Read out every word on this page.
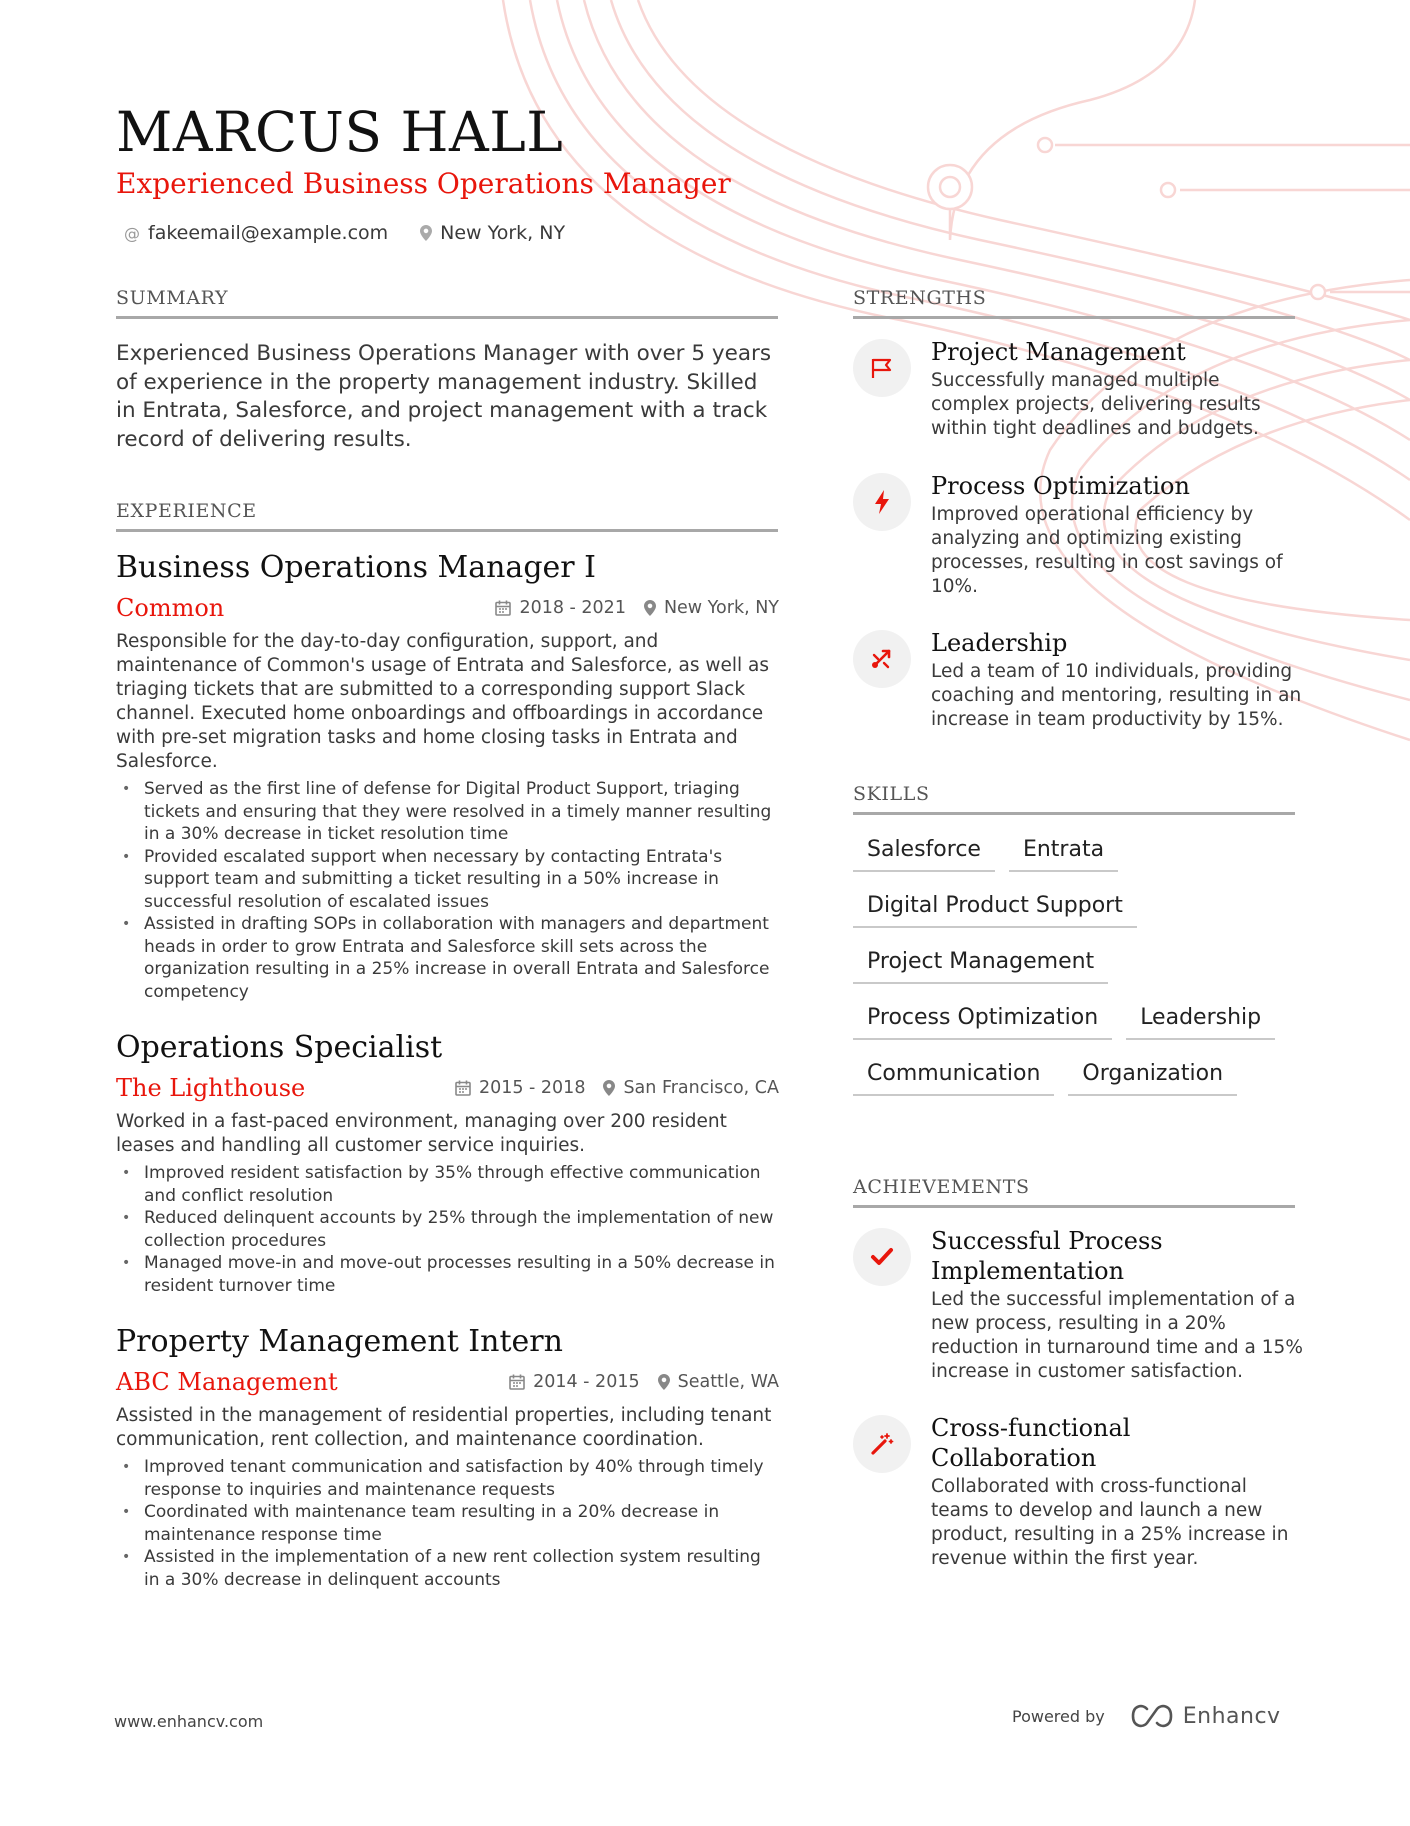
MARCUS HALL
Experienced Business Operations Manager
@ fakeemail@example.com	New York, NY
SUMMARY
Experienced Business Operations Manager with over 5 years of experience in the property management industry. Skilled in Entrata, Salesforce, and project management with a track record of delivering results.
EXPERIENCE
Business Operations Manager I
Common	2018 - 2021 New York, NY
Responsible for the day-to-day configuration, support, and maintenance of Common's usage of Entrata and Salesforce, as well as triaging tickets that are submitted to a corresponding support Slack channel. Executed home onboardings and offboardings in accordance with pre-set migration tasks and home closing tasks in Entrata and Salesforce.
• Served as the first line of defense for Digital Product Support, triaging tickets and ensuring that they were resolved in a timely manner resulting in a 30% decrease in ticket resolution time
• Provided escalated support when necessary by contacting Entrata's support team and submitting a ticket resulting in a 50% increase in successful resolution of escalated issues
• Assisted in drafting SOPs in collaboration with managers and department heads in order to grow Entrata and Salesforce skill sets across the organization resulting in a 25% increase in overall Entrata and Salesforce competency
Operations Specialist
The Lighthouse	2015 - 2018 San Francisco, CA
Worked in a fast-paced environment, managing over 200 resident leases and handling all customer service inquiries.
• Improved resident satisfaction by 35% through effective communication and conflict resolution
• Reduced delinquent accounts by 25% through the implementation of new collection procedures
• Managed move-in and move-out processes resulting in a 50% decrease in resident turnover time
Property Management Intern
ABC Management	2014 - 2015 Seattle, WA
Assisted in the management of residential properties, including tenant communication, rent collection, and maintenance coordination.
• Improved tenant communication and satisfaction by 40% through timely response to inquiries and maintenance requests
• Coordinated with maintenance team resulting in a 20% decrease in maintenance response time
• Assisted in the implementation of a new rent collection system resulting in a 30% decrease in delinquent accounts
STRENGTHS
Project Management
Successfully managed multiple complex projects, delivering results within tight deadlines and budgets.
Process Optimization
Improved operational efficiency by analyzing and optimizing existing processes, resulting in cost savings of 10%.
Leadership
Led a team of 10 individuals, providing coaching and mentoring, resulting in an increase in team productivity by 15%.
SKILLS
Salesforce	Entrata
Digital Product Support
Project Management
Process Optimization	Leadership
Communication	Organization
ACHIEVEMENTS
Successful Process Implementation
Led the successful implementation of a new process, resulting in a 20% reduction in turnaround time and a 15% increase in customer satisfaction.
Cross-functional Collaboration
Collaborated with cross-functional teams to develop and launch a new product, resulting in a 25% increase in revenue within the first year.
www.enhancv.com	Powered by	Enhancv
